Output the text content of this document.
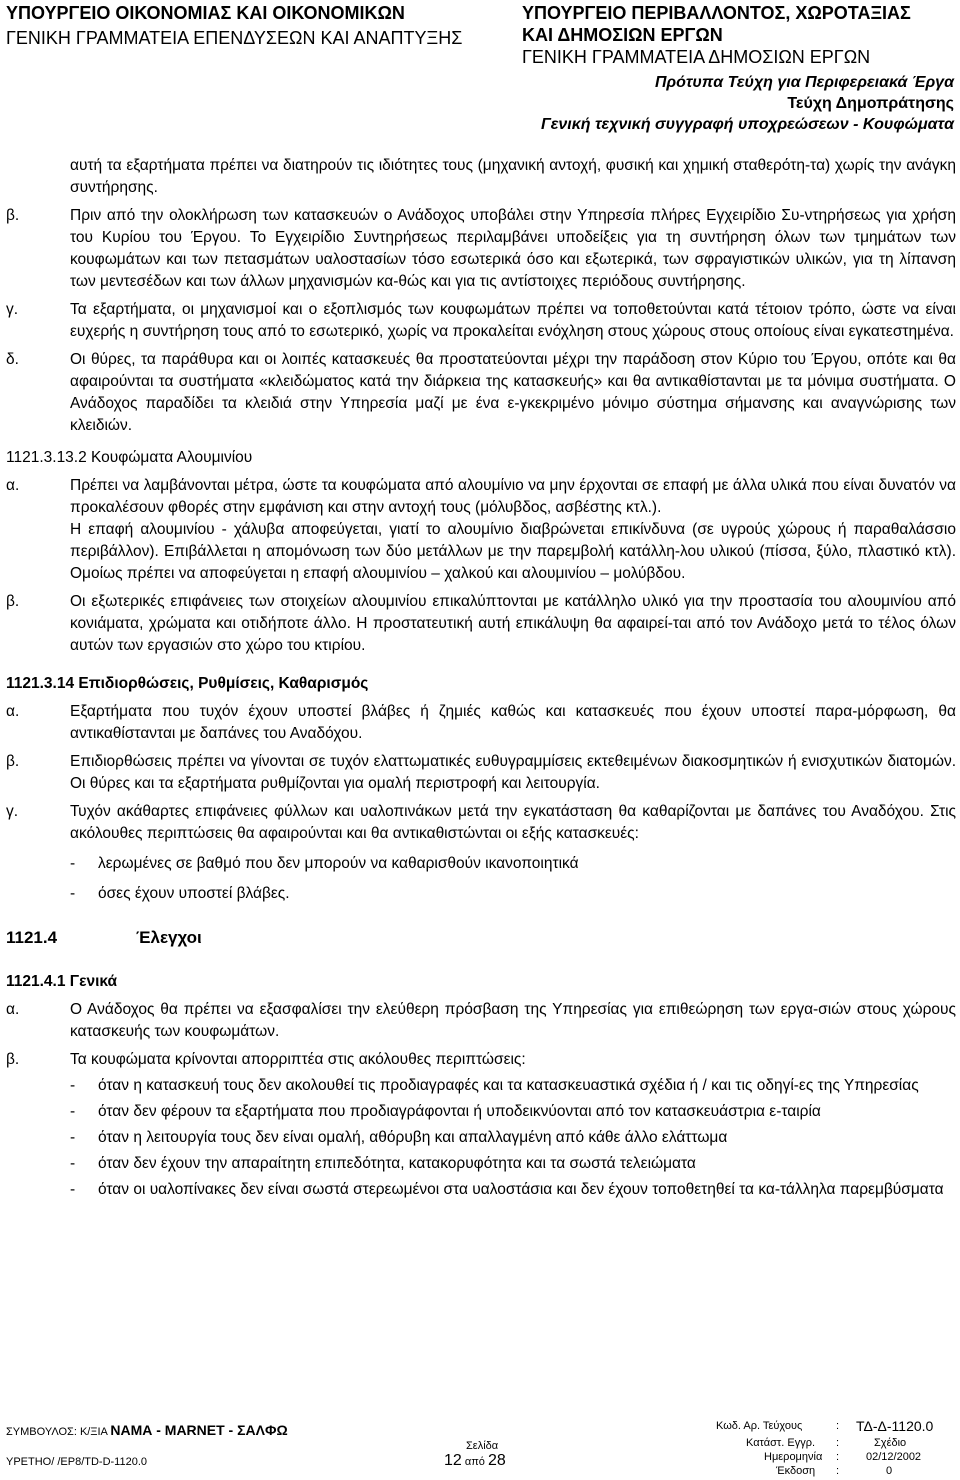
ΥΠΟΥΡΓΕΙΟ ΟΙΚΟΝΟΜΙΑΣ ΚΑΙ ΟΙΚΟΝΟΜΙΚΩΝ
ΓΕΝΙΚΗ ΓΡΑΜΜΑΤΕΙΑ ΕΠΕΝΔΥΣΕΩΝ ΚΑΙ ΑΝΑΠΤΥΞΗΣ
ΥΠΟΥΡΓΕΙΟ ΠΕΡΙΒΑΛΛΟΝΤΟΣ, ΧΩΡΟΤΑΞΙΑΣ
ΚΑΙ ΔΗΜΟΣΙΩΝ ΕΡΓΩΝ
ΓΕΝΙΚΗ ΓΡΑΜΜΑΤΕΙΑ ΔΗΜΟΣΙΩΝ ΕΡΓΩΝ
Πρότυπα Τεύχη για Περιφερειακά Έργα
Τεύχη Δημοπράτησης
Γενική τεχνική συγγραφή υποχρεώσεων - Κουφώματα

αυτή τα εξαρτήματα πρέπει να διατηρούν τις ιδιότητες τους (μηχανική αντοχή, φυσική και χημική σταθερότη-τα) χωρίς την ανάγκη συντήρησης.

β.	Πριν από την ολοκλήρωση των κατασκευών ο Ανάδοχος υποβάλει στην Υπηρεσία πλήρες Εγχειρίδιο Συ-ντηρήσεως για χρήση του Κυρίου του Έργου. Το Εγχειρίδιο Συντηρήσεως περιλαμβάνει υποδείξεις για τη συντήρηση όλων των τμημάτων των κουφωμάτων και των πετασμάτων υαλοστασίων τόσο εσωτερικά όσο και εξωτερικά, των σφραγιστικών υλικών, για τη λίπανση των μεντεσέδων και των άλλων μηχανισμών κα-θώς και για τις αντίστοιχες περιόδους συντήρησης.
γ.	Τα εξαρτήματα, οι μηχανισμοί και ο εξοπλισμός των κουφωμάτων πρέπει να τοποθετούνται κατά τέτοιον τρόπο, ώστε να είναι ευχερής η συντήρηση τους από το εσωτερικό, χωρίς να προκαλείται ενόχληση στους χώρους στους οποίους είναι εγκατεστημένα.
δ.	Οι θύρες, τα παράθυρα και οι λοιπές κατασκευές θα προστατεύονται μέχρι την παράδοση στον Κύριο του Έργου, οπότε και θα αφαιρούνται τα συστήματα «κλειδώματος κατά την διάρκεια της κατασκευής» και θα αντικαθίστανται με τα μόνιμα συστήματα. Ο Ανάδοχος παραδίδει τα κλειδιά στην Υπηρεσία μαζί με ένα ε-γκεκριμένο μόνιμο σύστημα σήμανσης και αναγνώρισης των κλειδιών.
1121.3.13.2 Κουφώματα Αλουμινίου
α.	Πρέπει να λαμβάνονται μέτρα, ώστε τα κουφώματα από αλουμίνιο να μην έρχονται σε επαφή με άλλα υλικά που είναι δυνατόν να προκαλέσουν φθορές στην εμφάνιση και στην αντοχή τους (μόλυβδος, ασβέστης κτλ.).
Η επαφή αλουμινίου - χάλυβα αποφεύγεται, γιατί το αλουμίνιο διαβρώνεται επικίνδυνα (σε υγρούς χώρους ή παραθαλάσσιο περιβάλλον). Επιβάλλεται η απομόνωση των δύο μετάλλων με την παρεμβολή κατάλλη-λου υλικού (πίσσα, ξύλο, πλαστικό κτλ). Ομοίως πρέπει να αποφεύγεται η επαφή αλουμινίου – χαλκού και αλουμινίου – μολύβδου.
β.	Οι εξωτερικές επιφάνειες των στοιχείων αλουμινίου επικαλύπτονται με κατάλληλο υλικό για την προστασία του αλουμινίου από κονιάματα, χρώματα και οτιδήποτε άλλο. Η προστατευτική αυτή επικάλυψη θα αφαιρεί-ται από τον Ανάδοχο μετά το τέλος όλων αυτών των εργασιών στο χώρο του κτιρίου.
1121.3.14 Επιδιορθώσεις, Ρυθμίσεις, Καθαρισμός
α.	Εξαρτήματα που τυχόν έχουν υποστεί βλάβες ή ζημιές καθώς και κατασκευές που έχουν υποστεί παρα-μόρφωση, θα αντικαθίστανται με δαπάνες του Αναδόχου.
β.	Επιδιορθώσεις πρέπει να γίνονται σε τυχόν ελαττωματικές ευθυγραμμίσεις εκτεθειμένων διακοσμητικών ή ενισχυτικών διατομών. Οι θύρες και τα εξαρτήματα ρυθμίζονται για ομαλή περιστροφή και λειτουργία.
γ.	Τυχόν ακάθαρτες επιφάνειες φύλλων και υαλοπινάκων μετά την εγκατάσταση θα καθαρίζονται με δαπάνες του Αναδόχου. Στις ακόλουθες περιπτώσεις θα αφαιρούνται και θα αντικαθιστώνται οι εξής κατασκευές:
-	λερωμένες σε βαθμό που δεν μπορούν να καθαρισθούν ικανοποιητικά
-	όσες έχουν υποστεί βλάβες.
1121.4	Έλεγχοι
1121.4.1 Γενικά
α.	Ο Ανάδοχος θα πρέπει να εξασφαλίσει την ελεύθερη πρόσβαση της Υπηρεσίας για επιθεώρηση των εργα-σιών στους χώρους κατασκευής των κουφωμάτων.
β.	Τα κουφώματα κρίνονται απορριπτέα στις ακόλουθες περιπτώσεις:
-	όταν η κατασκευή τους δεν ακολουθεί τις προδιαγραφές και τα κατασκευαστικά σχέδια ή / και τις οδηγί-ες της Υπηρεσίας
-	όταν δεν φέρουν τα εξαρτήματα που προδιαγράφονται ή υποδεικνύονται από τον κατασκευάστρια ε-ταιρία
-	όταν η λειτουργία τους δεν είναι ομαλή, αθόρυβη και απαλλαγμένη από κάθε άλλο ελάττωμα
-	όταν δεν έχουν την απαραίτητη επιπεδότητα, κατακορυφότητα και τα σωστά τελειώματα
-	όταν οι υαλοπίνακες δεν είναι σωστά στερεωμένοι στα υαλοστάσια και δεν έχουν τοποθετηθεί τα κα-τάλληλα παρεμβύσματα
ΣΥΜΒΟΥΛΟΣ: Κ/ΞΙΑ ΝΑΜΑ - MARNET - ΣΑΛΦΩ
ΥΡΕΤΗΟ/ /ΕΡ8/TD-D-1120.0
Σελίδα
12 από 28
Κωδ. Αρ. Τεύχους	: ΤΔ-Δ-1120.0
Κατάστ. Εγγρ. :	Σχέδιο
Ημερομηνία : 02/12/2002
Έκδοση :	0
